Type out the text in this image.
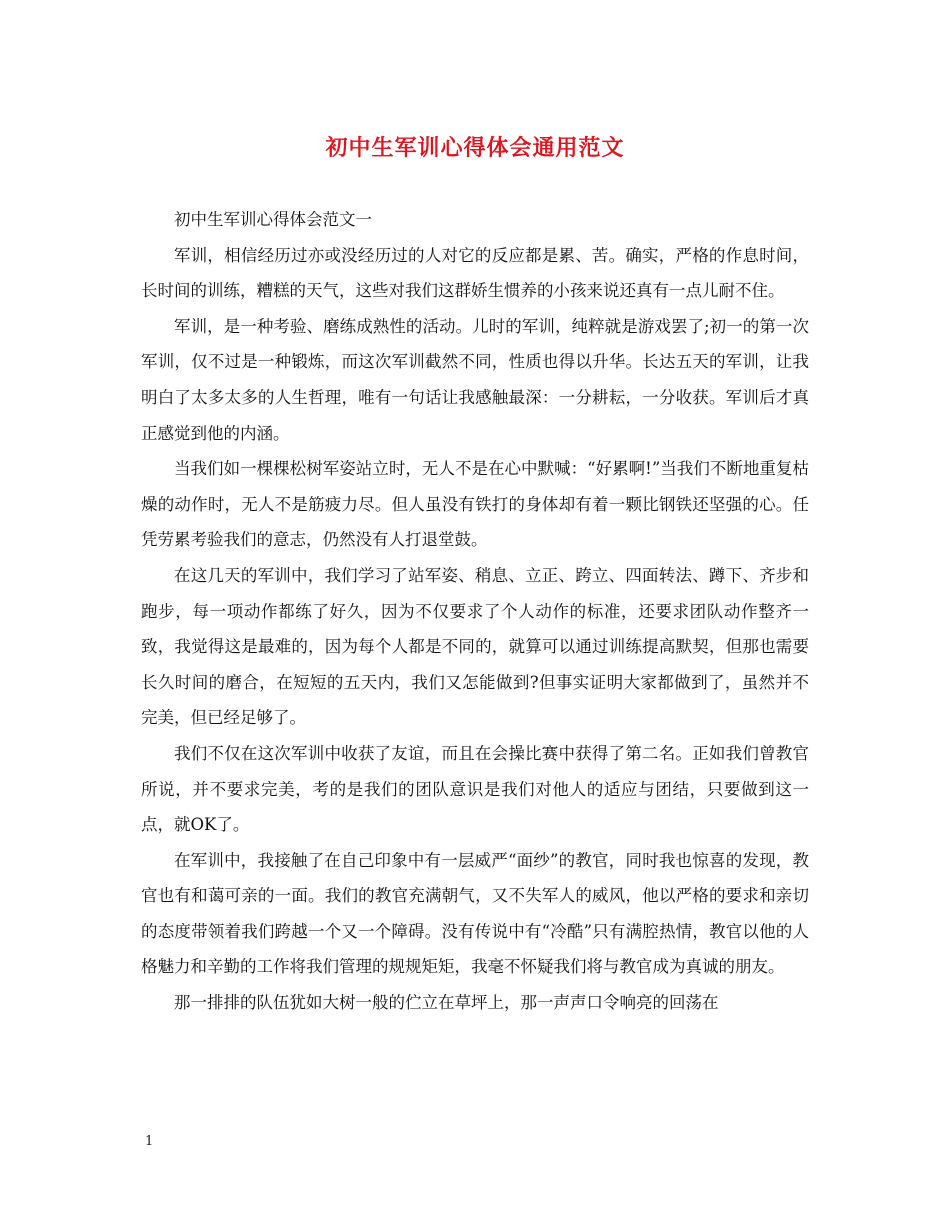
初中生军训心得体会通用范文

初中生军训心得体会范文一

军训，相信经历过亦或没经历过的人对它的反应都是累、苦。确实，严格的作息时间，长时间的训练，糟糕的天气，这些对我们这群娇生惯养的小孩来说还真有一点儿耐不住。

军训，是一种考验、磨练成熟性的活动。儿时的军训，纯粹就是游戏罢了;初一的第一次军训，仅不过是一种锻炼，而这次军训截然不同，性质也得以升华。长达五天的军训，让我明白了太多太多的人生哲理，唯有一句话让我感触最深：一分耕耘，一分收获。军训后才真正感觉到他的内涵。

当我们如一棵棵松树军姿站立时，无人不是在心中默喊：“好累啊!”当我们不断地重复枯燥的动作时，无人不是筋疲力尽。但人虽没有铁打的身体却有着一颗比钢铁还坚强的心。任凭劳累考验我们的意志，仍然没有人打退堂鼓。

在这几天的军训中，我们学习了站军姿、稍息、立正、跨立、四面转法、蹲下、齐步和跑步，每一项动作都练了好久，因为不仅要求了个人动作的标准，还要求团队动作整齐一致，我觉得这是最难的，因为每个人都是不同的，就算可以通过训练提高默契，但那也需要长久时间的磨合，在短短的五天内，我们又怎能做到?但事实证明大家都做到了，虽然并不完美，但已经足够了。

我们不仅在这次军训中收获了友谊，而且在会操比赛中获得了第二名。正如我们曾教官所说，并不要求完美，考的是我们的团队意识是我们对他人的适应与团结，只要做到这一点，就OK了。

在军训中，我接触了在自己印象中有一层威严“面纱”的教官，同时我也惊喜的发现，教官也有和蔼可亲的一面。我们的教官充满朝气，又不失军人的威风，他以严格的要求和亲切的态度带领着我们跨越一个又一个障碍。没有传说中有“冷酷”只有满腔热情，教官以他的人格魅力和辛勤的工作将我们管理的规规矩矩，我毫不怀疑我们将与教官成为真诚的朋友。

那一排排的队伍犹如大树一般的伫立在草坪上，那一声声口令响亮的回荡在

1
